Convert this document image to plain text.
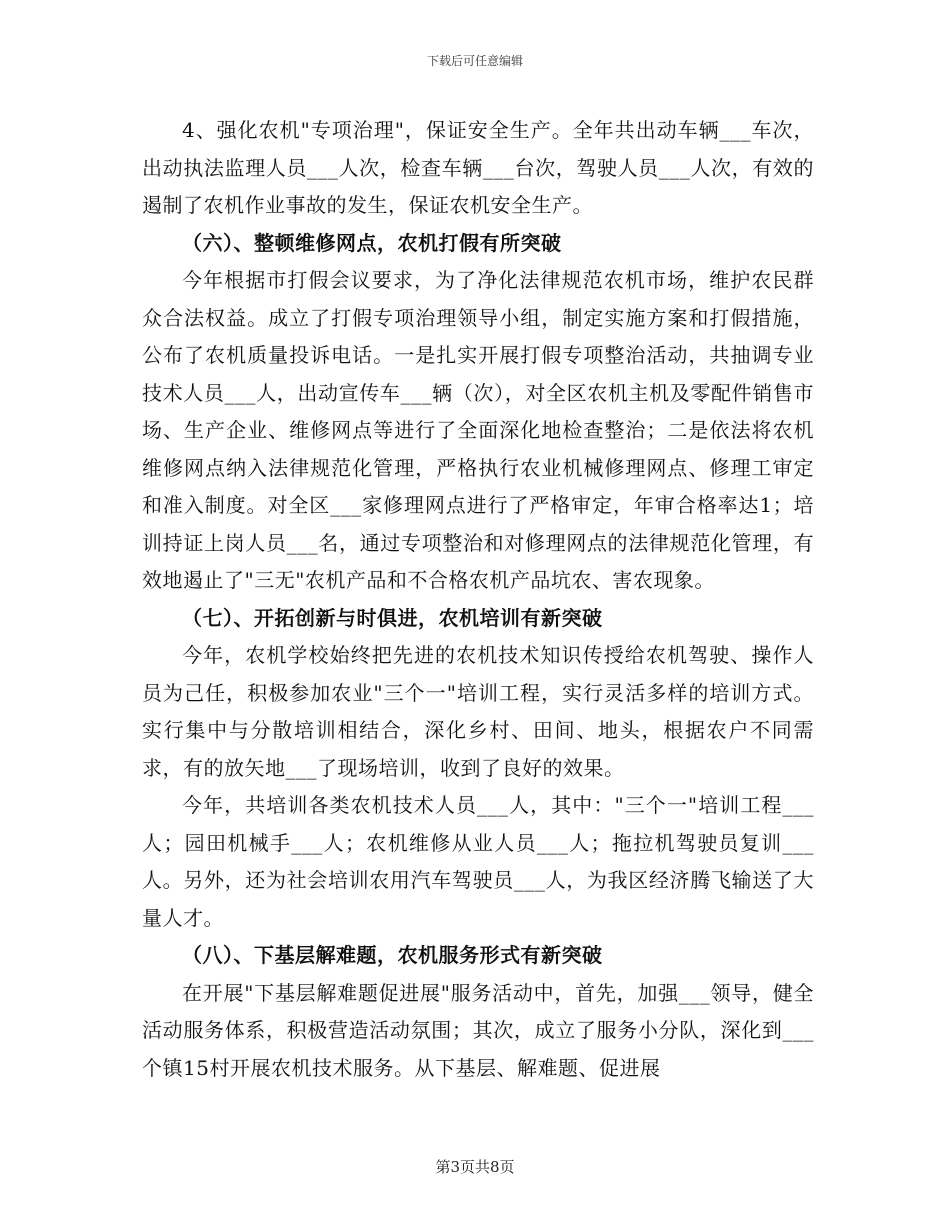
下载后可任意编辑

4、强化农机"专项治理"，保证安全生产。全年共出动车辆___车次，出动执法监理人员___人次，检查车辆___台次，驾驶人员___人次，有效的遏制了农机作业事故的发生，保证农机安全生产。

（六）、整顿维修网点，农机打假有所突破

今年根据市打假会议要求，为了净化法律规范农机市场，维护农民群众合法权益。成立了打假专项治理领导小组，制定实施方案和打假措施，公布了农机质量投诉电话。一是扎实开展打假专项整治活动，共抽调专业技术人员___人，出动宣传车___辆（次），对全区农机主机及零配件销售市场、生产企业、维修网点等进行了全面深化地检查整治；二是依法将农机维修网点纳入法律规范化管理，严格执行农业机械修理网点、修理工审定和准入制度。对全区___家修理网点进行了严格审定，年审合格率达1；培训持证上岗人员___名，通过专项整治和对修理网点的法律规范化管理，有效地遏止了"三无"农机产品和不合格农机产品坑农、害农现象。

（七）、开拓创新与时俱进，农机培训有新突破

今年，农机学校始终把先进的农机技术知识传授给农机驾驶、操作人员为己任，积极参加农业"三个一"培训工程，实行灵活多样的培训方式。实行集中与分散培训相结合，深化乡村、田间、地头，根据农户不同需求，有的放矢地___了现场培训，收到了良好的效果。

今年，共培训各类农机技术人员___人，其中："三个一"培训工程___人；园田机械手___人；农机维修从业人员___人；拖拉机驾驶员复训___人。另外，还为社会培训农用汽车驾驶员___人，为我区经济腾飞输送了大量人才。

（八）、下基层解难题，农机服务形式有新突破

在开展"下基层解难题促进展"服务活动中，首先，加强___领导，健全活动服务体系，积极营造活动氛围；其次，成立了服务小分队，深化到___个镇15村开展农机技术服务。从下基层、解难题、促进展

第3页共8页
